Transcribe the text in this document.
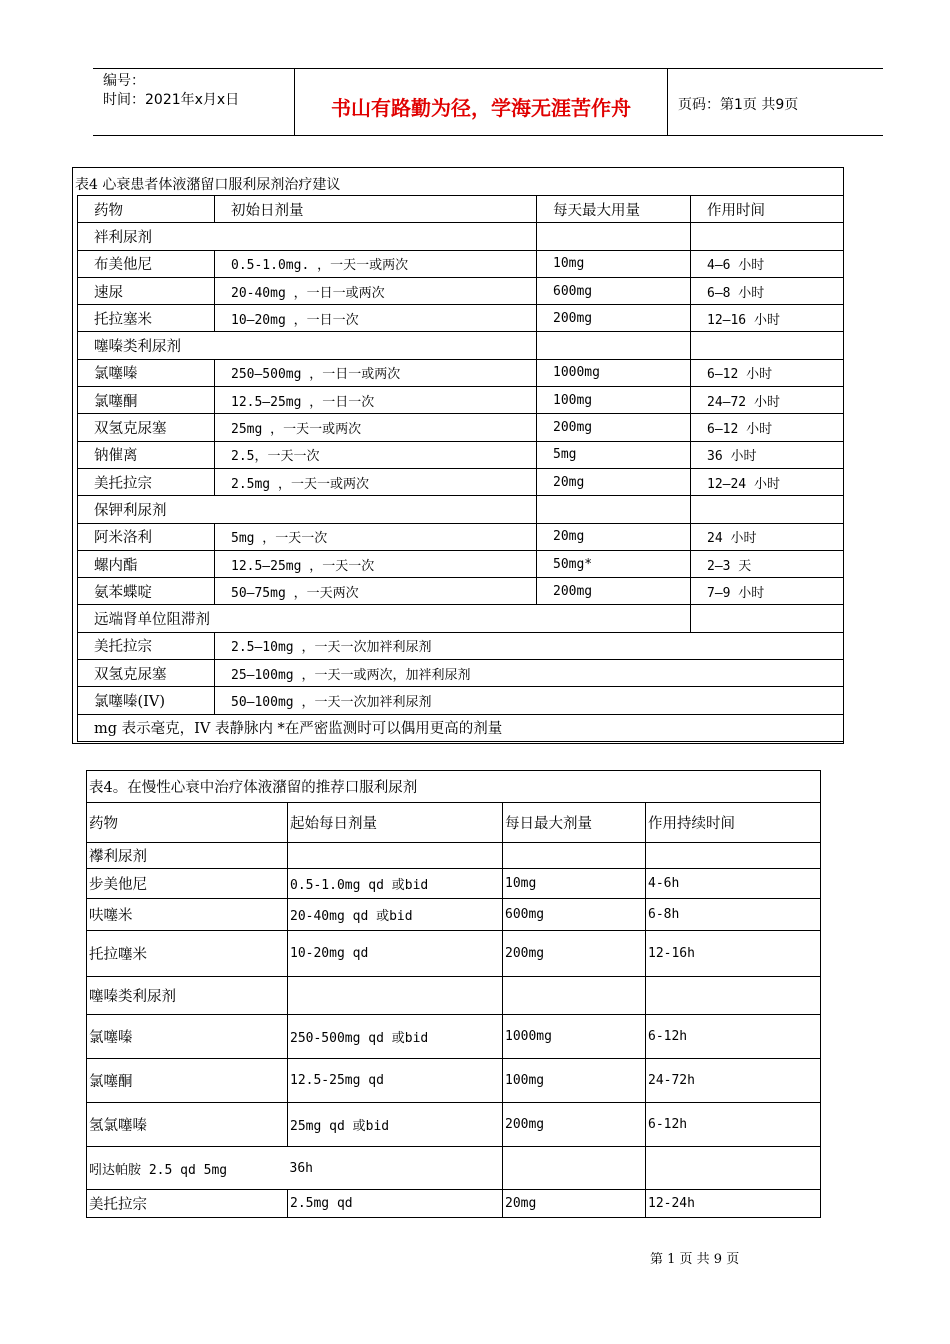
编号：
时间：2021年x月x日	书山有路勤为径，学海无涯苦作舟	页码：第1页 共9页
表4 心衰患者体液潴留口服利尿剂治疗建议
药物	初始日剂量	每天最大用量	作用时间
袢利尿剂			
布美他尼	0.5-1.0mg. ，一天一或两次	10mg	4—6 小时
速尿	20-40mg ，一日一或两次	600mg	6—8 小时
托拉塞米	10—20mg ，一日一次	200mg	12—16 小时
噻嗪类利尿剂			
氯噻嗪	250—500mg ，一日一或两次	1000mg	6—12 小时
氯噻酮	12.5—25mg ，一日一次	100mg	24—72 小时
双氢克尿塞	25mg ，一天一或两次	200mg	6—12 小时
钠催离	2.5，一天一次	5mg	36 小时
美托拉宗	2.5mg ，一天一或两次	20mg	12—24 小时
保钾利尿剂			
阿米洛利	5mg ，一天一次	20mg	24 小时
螺内酯	12.5—25mg ，一天一次	50mg*	2—3 天
氨苯蝶啶	50—75mg ，一天两次	200mg	7—9 小时
远端肾单位阻滞剂			
美托拉宗	2.5—10mg ，一天一次加袢利尿剂		
双氢克尿塞	25—100mg ，一天一或两次，加袢利尿剂		
氯噻嗪(IV)	50—100mg ，一天一次加袢利尿剂		
mg 表示毫克，IV 表静脉内 *在严密监测时可以偶用更高的剂量			
表4。在慢性心衰中治疗体液潴留的推荐口服利尿剂			
药物	起始每日剂量	每日最大剂量	作用持续时间
襻利尿剂			
步美他尼	0.5-1.0mg qd 或bid	10mg	4-6h
呋噻米	20-40mg qd 或bid	600mg	6-8h
托拉噻米	10-20mg qd	200mg	12-16h
噻嗪类利尿剂			
氯噻嗪	250-500mg qd 或bid	1000mg	6-12h
氯噻酮	12.5-25mg qd	100mg	24-72h
氢氯噻嗪	25mg qd 或bid	200mg	6-12h
吲达帕胺 2.5 qd 5mg	36h		
美托拉宗	2.5mg qd	20mg	12-24h
第 1 页 共 9 页
